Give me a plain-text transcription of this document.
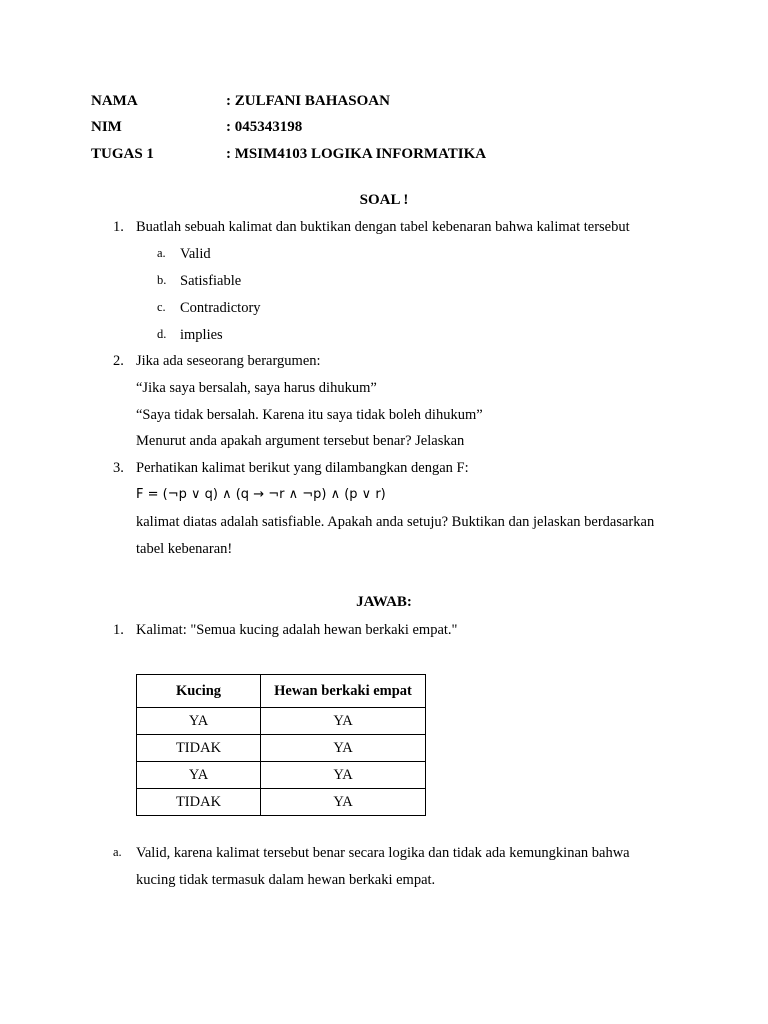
NAMA	: ZULFANI BAHASOAN
NIM	: 045343198
TUGAS 1	: MSIM4103 LOGIKA INFORMATIKA
SOAL !
1. Buatlah sebuah kalimat dan buktikan dengan tabel kebenaran bahwa kalimat tersebut
a. Valid
b. Satisfiable
c. Contradictory
d. implies
2. Jika ada seseorang berargumen:
“Jika saya bersalah, saya harus dihukum”
“Saya tidak bersalah. Karena itu saya tidak boleh dihukum”
Menurut anda apakah argument tersebut benar? Jelaskan
3. Perhatikan kalimat berikut yang dilambangkan dengan F:
F = (¬p ∨ q) ∧ (q → ¬r ∧ ¬p) ∧ (p ∨ r)
kalimat diatas adalah satisfiable. Apakah anda setuju? Buktikan dan jelaskan berdasarkan
tabel kebenaran!
JAWAB:
1. Kalimat: "Semua kucing adalah hewan berkaki empat."
Kucing	Hewan berkaki empat
YA	YA
TIDAK	YA
YA	YA
TIDAK	YA
a. Valid, karena kalimat tersebut benar secara logika dan tidak ada kemungkinan bahwa
kucing tidak termasuk dalam hewan berkaki empat.
